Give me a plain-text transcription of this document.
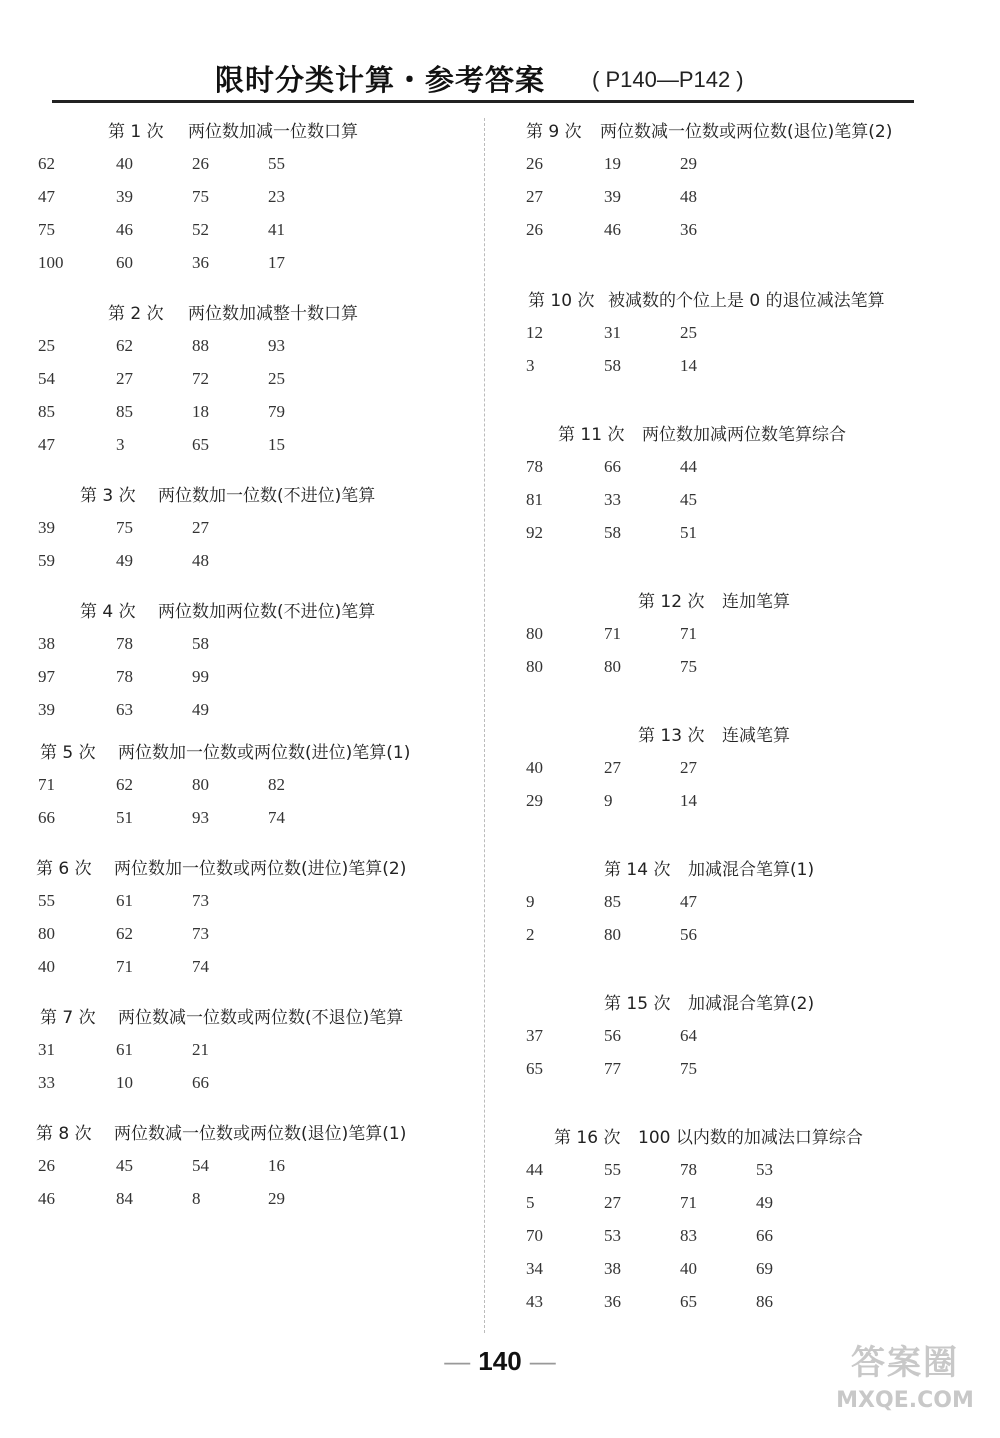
限时分类计算・参考答案 ( P140—P142 )
第 1 次 两位数加减一位数口算
62	40	26	55
47	39	75	23
75	46	52	41
100	60	36	17
第 2 次 两位数加减整十数口算
25	62	88	93
54	27	72	25
85	85	18	79
47	3	65	15
第 3 次 两位数加一位数(不进位)笔算
39	75	27
59	49	48
第 4 次 两位数加两位数(不进位)笔算
38	78	58
97	78	99
39	63	49
第 5 次 两位数加一位数或两位数(进位)笔算(1)
71	62	80	82
66	51	93	74
第 6 次 两位数加一位数或两位数(进位)笔算(2)
55	61	73
80	62	73
40	71	74
第 7 次 两位数减一位数或两位数(不退位)笔算
31	61	21
33	10	66
第 8 次 两位数减一位数或两位数(退位)笔算(1)
26	45	54	16
46	84	8	29
第 9 次 两位数减一位数或两位数(退位)笔算(2)
26	19	29
27	39	48
26	46	36
第 10 次 被减数的个位上是 0 的退位减法笔算
12	31	25
3	58	14
第 11 次 两位数加减两位数笔算综合
78	66	44
81	33	45
92	58	51
第 12 次 连加笔算
80	71	71
80	80	75
第 13 次 连减笔算
40	27	27
29	9	14
第 14 次 加减混合笔算(1)
9	85	47
2	80	56
第 15 次 加减混合笔算(2)
37	56	64
65	77	75
第 16 次 100 以内数的加减法口算综合
44	55	78	53
5	27	71	49
70	53	83	66
34	38	40	69
43	36	65	86
— 140 —	答案圈
MXQE.COM
